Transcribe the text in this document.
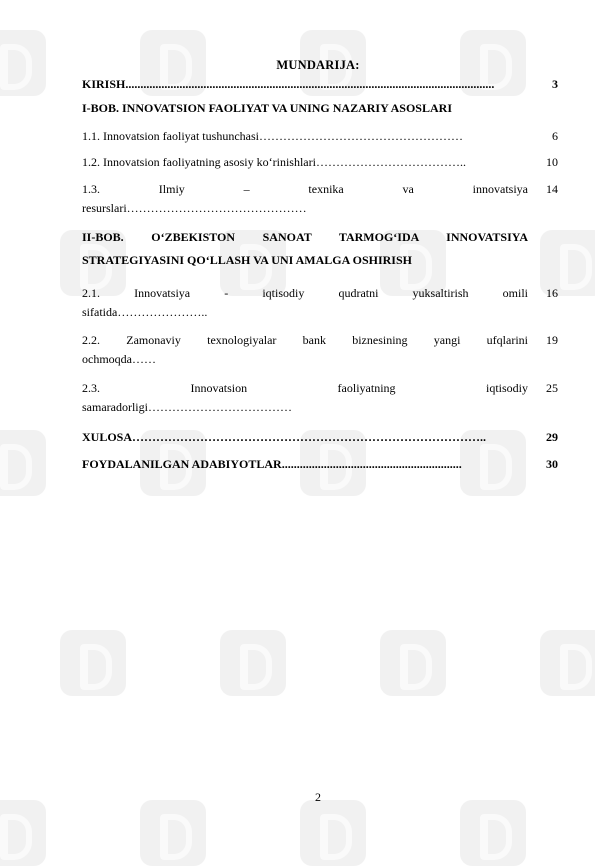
MUNDARIJA:
KIRISH...........................................................................................................................	3
I-BOB. INNOVATSION FAOLIYAT VA UNING NAZARIY ASOSLARI
1.1. Innovatsion faoliyat tushunchasi……………………………………………	6
1.2. Innovatsion faoliyatning asosiy koʻrinishlari………………………………..	10
1.3. Ilmiy – texnika va innovatsiya	14
resurslari………………………………………
II-BOB. OʻZBEKISTON SANOAT TARMOGʻIDA INNOVATSIYA
STRATEGIYASINI QOʻLLASH VA UNI AMALGA OSHIRISH
2.1. Innovatsiya - iqtisodiy qudratni yuksaltirish omili	16
sifatida…………………..
2.2. Zamonaviy texnologiyalar bank biznesining yangi ufqlarini	19
ochmoqda……
2.3. Innovatsion faoliyatning iqtisodiy	25
samaradorligi………………………………
XULOSA……………………………………………………………………………..	29
FOYDALANILGAN ADABIYOTLAR............................................................	30
2
